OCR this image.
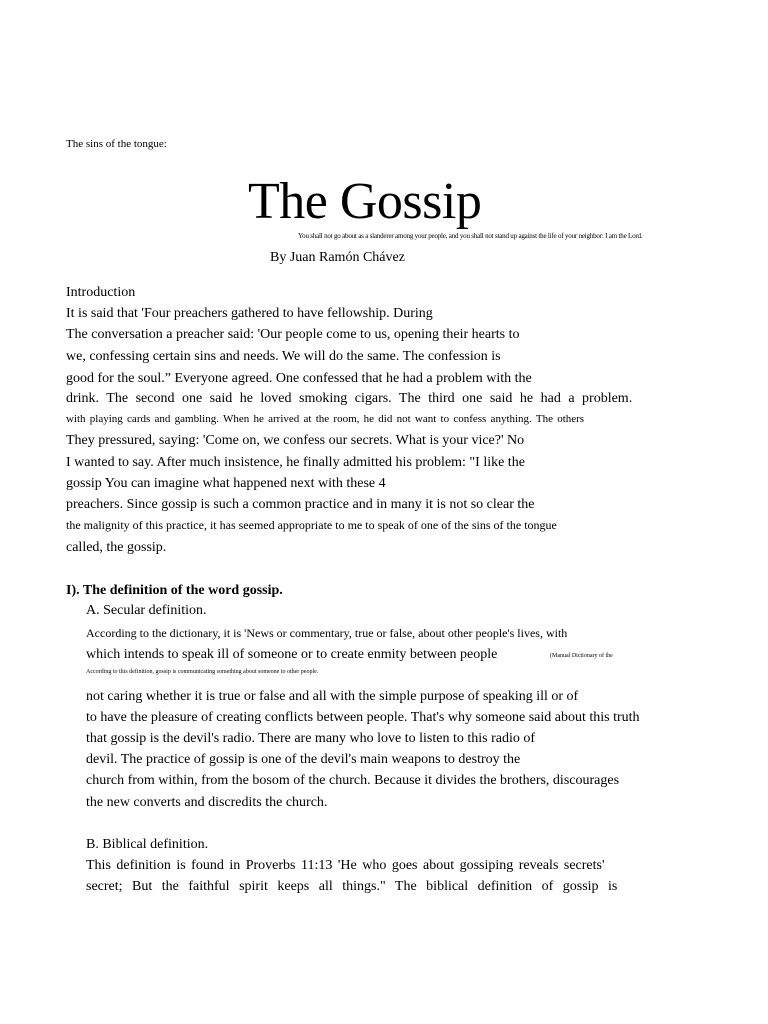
The sins of the tongue:
The Gossip
You shall not go about as a slanderer among your people, and you shall not stand up against the life of your neighbor: I am the Lord.
By Juan Ramón Chávez
Introduction
It is said that 'Four preachers gathered to have fellowship. During
The conversation a preacher said: 'Our people come to us, opening their hearts to
we, confessing certain sins and needs. We will do the same. The confession is
good for the soul.” Everyone agreed. One confessed that he had a problem with the
drink. The second one said he loved smoking cigars. The third one said he had a problem.
with playing cards and gambling. When he arrived at the room, he did not want to confess anything. The others
They pressured, saying: 'Come on, we confess our secrets. What is your vice?' No
I wanted to say. After much insistence, he finally admitted his problem: "I like the
gossip You can imagine what happened next with these 4
preachers. Since gossip is such a common practice and in many it is not so clear the
the malignity of this practice, it has seemed appropriate to me to speak of one of the sins of the tongue
called, the gossip.
I). The definition of the word gossip.
A. Secular definition.
According to the dictionary, it is 'News or commentary, true or false, about other people's lives, with
which intends to speak ill of someone or to create enmity between people	(Manual Dictionary of the
According to this definition, gossip is communicating something about someone to other people.
not caring whether it is true or false and all with the simple purpose of speaking ill or of
to have the pleasure of creating conflicts between people. That's why someone said about this truth
that gossip is the devil's radio. There are many who love to listen to this radio of
devil. The practice of gossip is one of the devil's main weapons to destroy the
church from within, from the bosom of the church. Because it divides the brothers, discourages
the new converts and discredits the church.
B. Biblical definition.
This definition is found in Proverbs 11:13 'He who goes about gossiping reveals secrets'
secret; But the faithful spirit keeps all things." The biblical definition of gossip is
